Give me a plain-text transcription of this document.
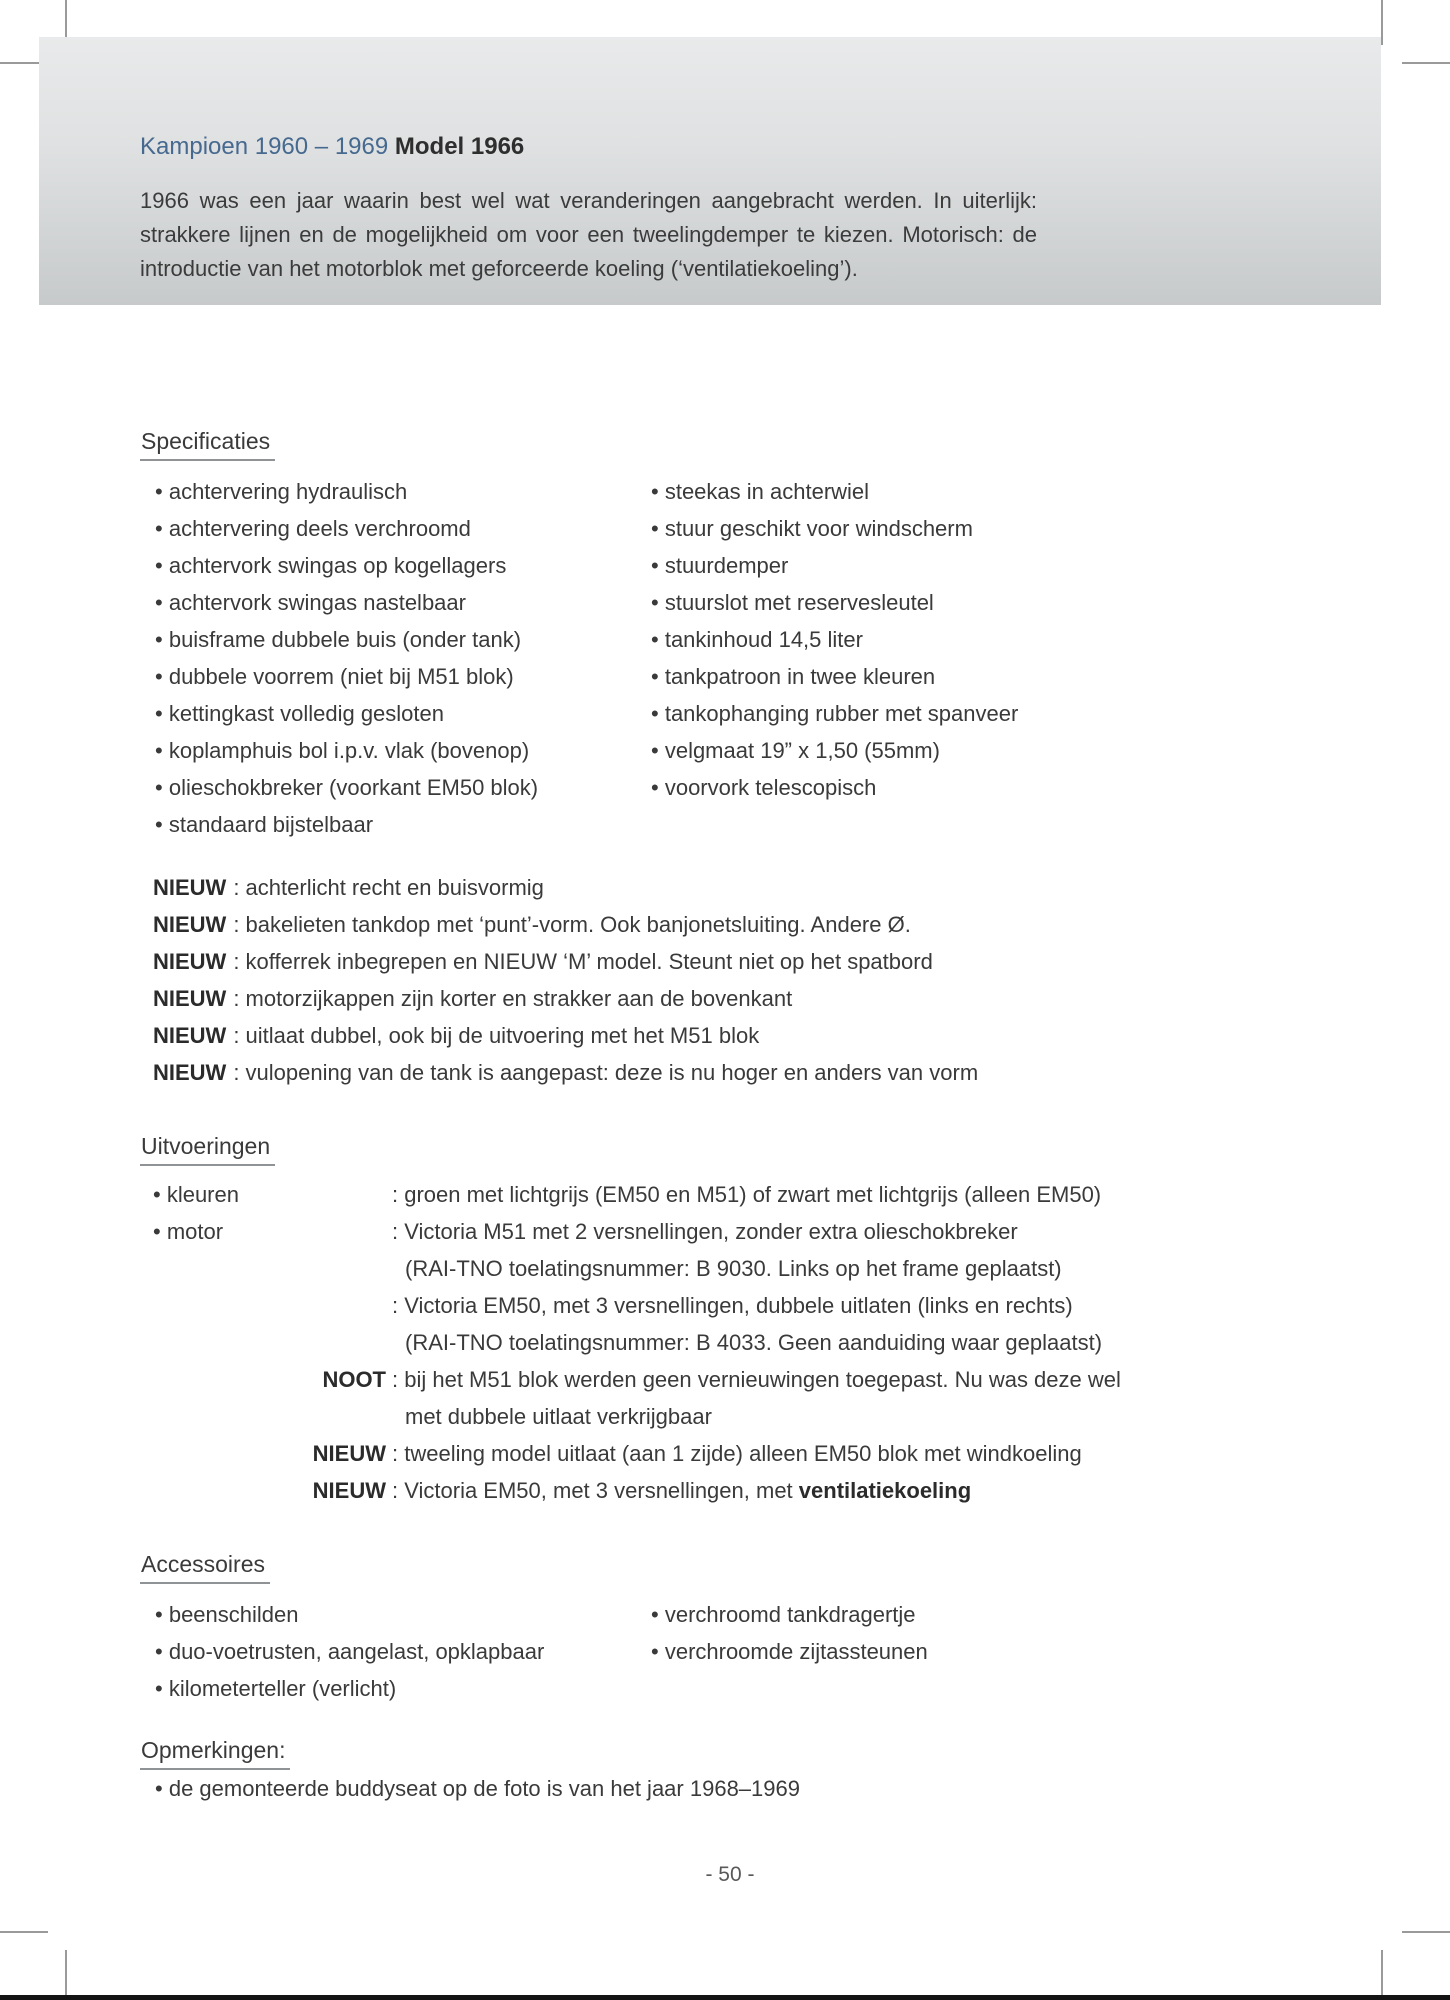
Kampioen 1960 – 1969 Model 1966

1966 was een jaar waarin best wel wat veranderingen aangebracht werden. In uiterlijk: strakkere lijnen en de mogelijkheid om voor een tweelingdemper te kiezen. Motorisch: de introductie van het motorblok met geforceerde koeling (‘ventilatiekoeling’).

Specificaties
• achtervering hydraulisch
• achtervering deels verchroomd
• achtervork swingas op kogellagers
• achtervork swingas nastelbaar
• buisframe dubbele buis (onder tank)
• dubbele voorrem (niet bij M51 blok)
• kettingkast volledig gesloten
• koplamphuis bol i.p.v. vlak (bovenop)
• olieschokbreker (voorkant EM50 blok)
• standaard bijstelbaar
• steekas in achterwiel
• stuur geschikt voor windscherm
• stuurdemper
• stuurslot met reservesleutel
• tankinhoud 14,5 liter
• tankpatroon in twee kleuren
• tankophanging rubber met spanveer
• velgmaat 19” x 1,50 (55mm)
• voorvork telescopisch
NIEUW : achterlicht recht en buisvormig
NIEUW : bakelieten tankdop met ‘punt’-vorm. Ook banjonetsluiting. Andere Ø.
NIEUW : kofferrek inbegrepen en NIEUW ‘M’ model. Steunt niet op het spatbord
NIEUW : motorzijkappen zijn korter en strakker aan de bovenkant
NIEUW : uitlaat dubbel, ook bij de uitvoering met het M51 blok
NIEUW : vulopening van de tank is aangepast: deze is nu hoger en anders van vorm
Uitvoeringen
• kleuren	: groen met lichtgrijs (EM50 en M51) of zwart met lichtgrijs (alleen EM50)
• motor	: Victoria M51 met 2 versnellingen, zonder extra olieschokbreker
(RAI-TNO toelatingsnummer: B 9030. Links op het frame geplaatst)
: Victoria EM50, met 3 versnellingen, dubbele uitlaten (links en rechts)
(RAI-TNO toelatingsnummer: B 4033. Geen aanduiding waar geplaatst)
NOOT : bij het M51 blok werden geen vernieuwingen toegepast. Nu was deze wel
met dubbele uitlaat verkrijgbaar
NIEUW : tweeling model uitlaat (aan 1 zijde) alleen EM50 blok met windkoeling
NIEUW : Victoria EM50, met 3 versnellingen, met ventilatiekoeling
Accessoires
• beenschilden
• duo-voetrusten, aangelast, opklapbaar
• kilometerteller (verlicht)
• verchroomd tankdragertje
• verchroomde zijtassteunen
Opmerkingen:
• de gemonteerde buddyseat op de foto is van het jaar 1968–1969
- 50 -
